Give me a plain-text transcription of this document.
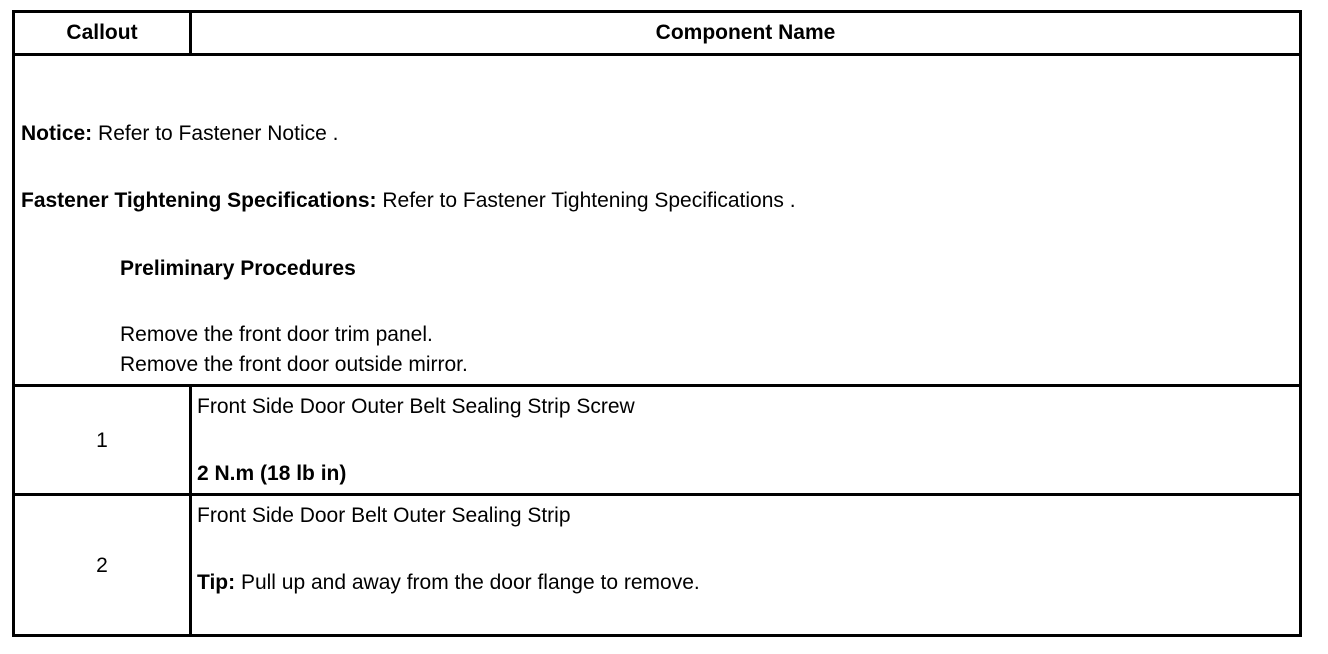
Callout	Component Name
Notice: Refer to Fastener Notice .
Fastener Tightening Specifications: Refer to Fastener Tightening Specifications .
Preliminary Procedures
Remove the front door trim panel.
Remove the front door outside mirror.
1
Front Side Door Outer Belt Sealing Strip Screw
2 N.m (18 lb in)
2
Front Side Door Belt Outer Sealing Strip
Tip: Pull up and away from the door flange to remove.
